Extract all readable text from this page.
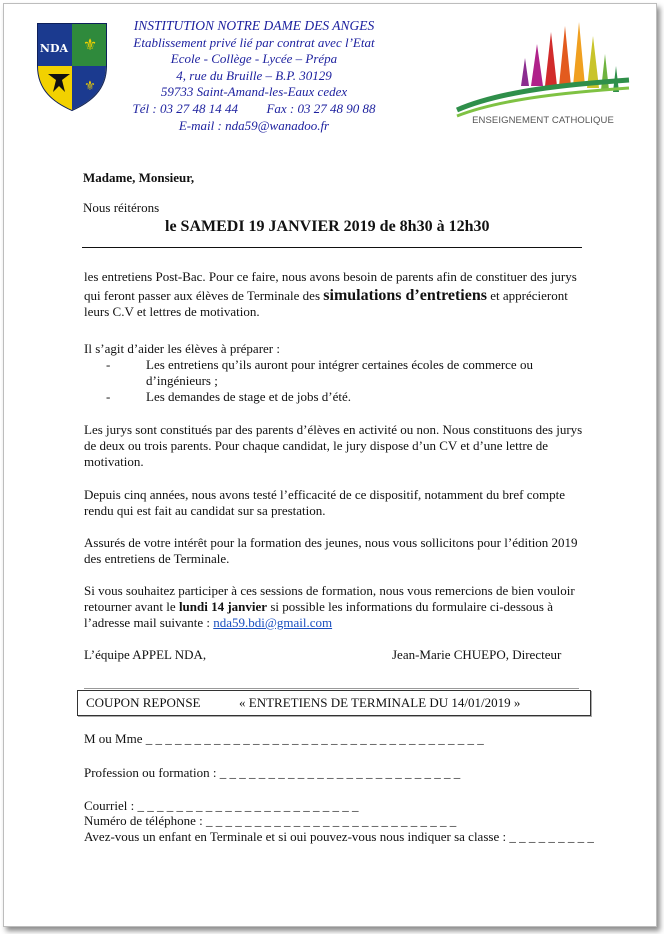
NDA ⚜
⚜
INSTITUTION NOTRE DAME DES ANGES
Etablissement privé lié par contrat avec l’Etat
Ecole - Collège - Lycée – Prépa
4, rue du Bruille – B.P. 30129
59733 Saint-Amand-les-Eaux cedex
Tél : 03 27 48 14 44 Fax : 03 27 48 90 88
E-mail : nda59@wanadoo.fr	ENSEIGNEMENT CATHOLIQUE
Madame, Monsieur,
Nous réitérons
le SAMEDI 19 JANVIER 2019 de 8h30 à 12h30
les entretiens Post-Bac. Pour ce faire, nous avons besoin de parents afin de constituer des jurys
qui feront passer aux élèves de Terminale des simulations d’entretiens et apprécieront
leurs C.V et lettres de motivation.
Il s’agit d’aider les élèves à préparer :
-	Les entretiens qu’ils auront pour intégrer certaines écoles de commerce ou
d’ingénieurs ;
-	Les demandes de stage et de jobs d’été.
Les jurys sont constitués par des parents d’élèves en activité ou non. Nous constituons des jurys
de deux ou trois parents. Pour chaque candidat, le jury dispose d’un CV et d’une lettre de
motivation.
Depuis cinq années, nous avons testé l’efficacité de ce dispositif, notamment du bref compte
rendu qui est fait au candidat sur sa prestation.
Assurés de votre intérêt pour la formation des jeunes, nous vous sollicitons pour l’édition 2019
des entretiens de Terminale.
Si vous souhaitez participer à ces sessions de formation, nous vous remercions de bien vouloir
retourner avant le lundi 14 janvier si possible les informations du formulaire ci-dessous à
l’adresse mail suivante : nda59.bdi@gmail.com
L’équipe APPEL NDA,	Jean-Marie CHUEPO, Directeur
COUPON REPONSE	« ENTRETIENS DE TERMINALE DU 14/01/2019 »
M ou Mme _ _ _ _ _ _ _ _ _ _ _ _ _ _ _ _ _ _ _ _ _ _ _ _ _ _ _ _ _ _ _ _ _ _ _
Profession ou formation : _ _ _ _ _ _ _ _ _ _ _ _ _ _ _ _ _ _ _ _ _ _ _ _ _
Courriel : _ _ _ _ _ _ _ _ _ _ _ _ _ _ _ _ _ _ _ _ _ _ _
Numéro de téléphone : _ _ _ _ _ _ _ _ _ _ _ _ _ _ _ _ _ _ _ _ _ _ _ _ _ _
Avez-vous un enfant en Terminale et si oui pouvez-vous nous indiquer sa classe : _ _ _ _ _ _ _ _ _
